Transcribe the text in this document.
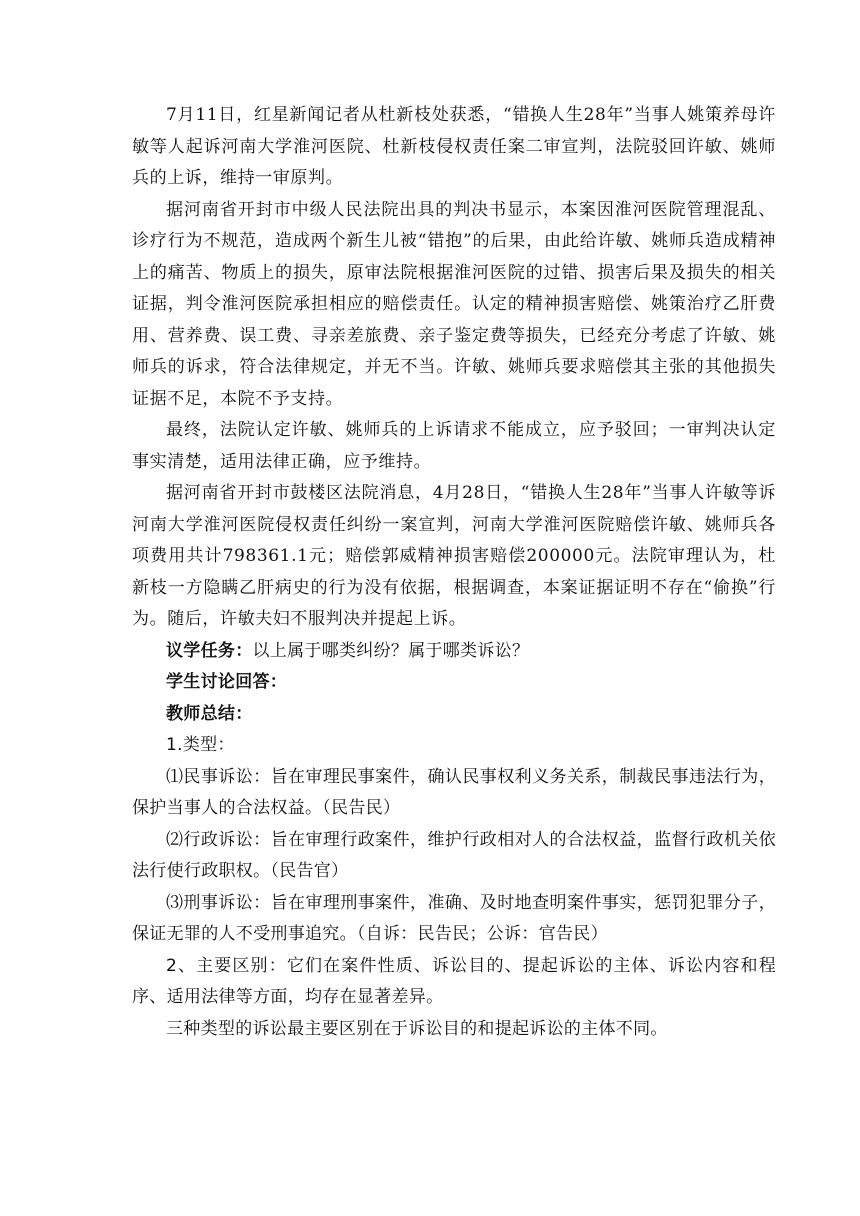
7月11日，红星新闻记者从杜新枝处获悉，“错换人生28年”当事人姚策养母许敏等人起诉河南大学淮河医院、杜新枝侵权责任案二审宣判，法院驳回许敏、姚师兵的上诉，维持一审原判。

据河南省开封市中级人民法院出具的判决书显示，本案因淮河医院管理混乱、诊疗行为不规范，造成两个新生儿被“错抱”的后果，由此给许敏、姚师兵造成精神上的痛苦、物质上的损失，原审法院根据淮河医院的过错、损害后果及损失的相关证据，判令淮河医院承担相应的赔偿责任。认定的精神损害赔偿、姚策治疗乙肝费用、营养费、误工费、寻亲差旅费、亲子鉴定费等损失，已经充分考虑了许敏、姚师兵的诉求，符合法律规定，并无不当。许敏、姚师兵要求赔偿其主张的其他损失证据不足，本院不予支持。

最终，法院认定许敏、姚师兵的上诉请求不能成立，应予驳回；一审判决认定事实清楚，适用法律正确，应予维持。

据河南省开封市鼓楼区法院消息，4月28日，“错换人生28年”当事人许敏等诉河南大学淮河医院侵权责任纠纷一案宣判，河南大学淮河医院赔偿许敏、姚师兵各项费用共计798361.1元；赔偿郭威精神损害赔偿200000元。法院审理认为，杜新枝一方隐瞒乙肝病史的行为没有依据，根据调查，本案证据证明不存在“偷换”行为。随后，许敏夫妇不服判决并提起上诉。

议学任务：以上属于哪类纠纷？属于哪类诉讼？

学生讨论回答：

教师总结：

1.类型：

⑴民事诉讼：旨在审理民事案件，确认民事权利义务关系，制裁民事违法行为，保护当事人的合法权益。（民告民）

⑵行政诉讼：旨在审理行政案件，维护行政相对人的合法权益，监督行政机关依法行使行政职权。（民告官）

⑶刑事诉讼：旨在审理刑事案件，准确、及时地查明案件事实，惩罚犯罪分子，保证无罪的人不受刑事追究。（自诉：民告民；公诉：官告民）

2、主要区别：它们在案件性质、诉讼目的、提起诉讼的主体、诉讼内容和程序、适用法律等方面，均存在显著差异。

三种类型的诉讼最主要区别在于诉讼目的和提起诉讼的主体不同。
